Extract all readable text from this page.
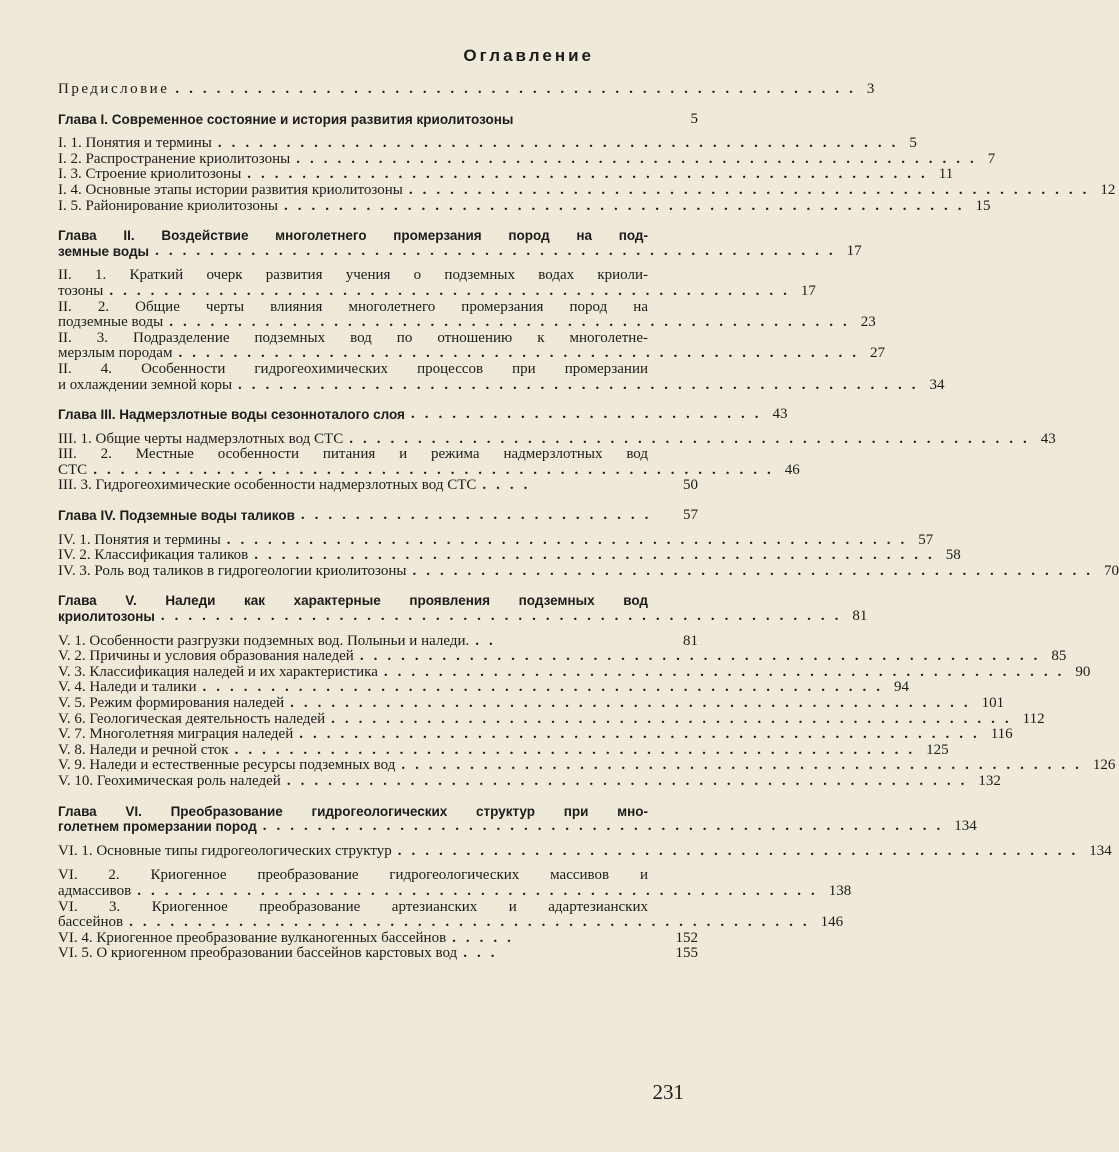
Оглавление
Предисловие .................................................. 3
Глава I. Современное состояние и история развития криолитозоны	5
I. 1. Понятия и термины .................................................. 5
I. 2. Распространение криолитозоны .................................................. 7
I. 3. Строение криолитозоны .................................................. 11
I. 4. Основные этапы истории развития криолитозоны .................................................. 12
I. 5. Районирование криолитозоны .................................................. 15
Глава II. Воздействие многолетнего промерзания пород на под-
земные воды .................................................. 17
II. 1. Краткий очерк развития учения о подземных водах криоли-
тозоны .................................................. 17
II. 2. Общие черты влияния многолетнего промерзания пород на
подземные воды .................................................. 23
II. 3. Подразделение подземных вод по отношению к многолетне-
мерзлым породам .................................................. 27
II. 4. Особенности гидрогеохимических процессов при промерзании
и охлаждении земной коры .................................................. 34
Глава III. Надмерзлотные воды сезонноталого слоя .......................... 43
III. 1. Общие черты надмерзлотных вод СТС .................................................. 43
III. 2. Местные особенности питания и режима надмерзлотных вод
СТС .................................................. 46
III. 3. Гидрогеохимические особенности надмерзлотных вод СТС ....	50
Глава IV. Подземные воды таликов ..........................	57
IV. 1. Понятия и термины .................................................. 57
IV. 2. Классификация таликов .................................................. 58
IV. 3. Роль вод таликов в гидрогеологии криолитозоны .................................................. 70
Глава V. Наледи как характерные проявления подземных вод
криолитозоны .................................................. 81
V. 1. Особенности разгрузки подземных вод. Полыньи и наледи. ..	81
V. 2. Причины и условия образования наледей .................................................. 85
V. 3. Классификация наледей и их характеристика .................................................. 90
V. 4. Наледи и талики .................................................. 94
V. 5. Режим формирования наледей .................................................. 101
V. 6. Геологическая деятельность наледей .................................................. 112
V. 7. Многолетняя миграция наледей .................................................. 116
V. 8. Наледи и речной сток .................................................. 125
V. 9. Наледи и естественные ресурсы подземных вод .................................................. 126
V. 10. Геохимическая роль наледей .................................................. 132
Глава VI. Преобразование гидрогеологических структур при мно-
голетнем промерзании пород .................................................. 134
VI. 1. Основные типы гидрогеологических структур .................................................. 134
VI. 2. Криогенное преобразование гидрогеологических массивов и
адмассивов .................................................. 138
VI. 3. Криогенное преобразование артезианских и адартезианских
бассейнов .................................................. 146
VI. 4. Криогенное преобразование вулканогенных бассейнов .....	152
VI. 5. О криогенном преобразовании бассейнов карстовых вод ...	155
231
